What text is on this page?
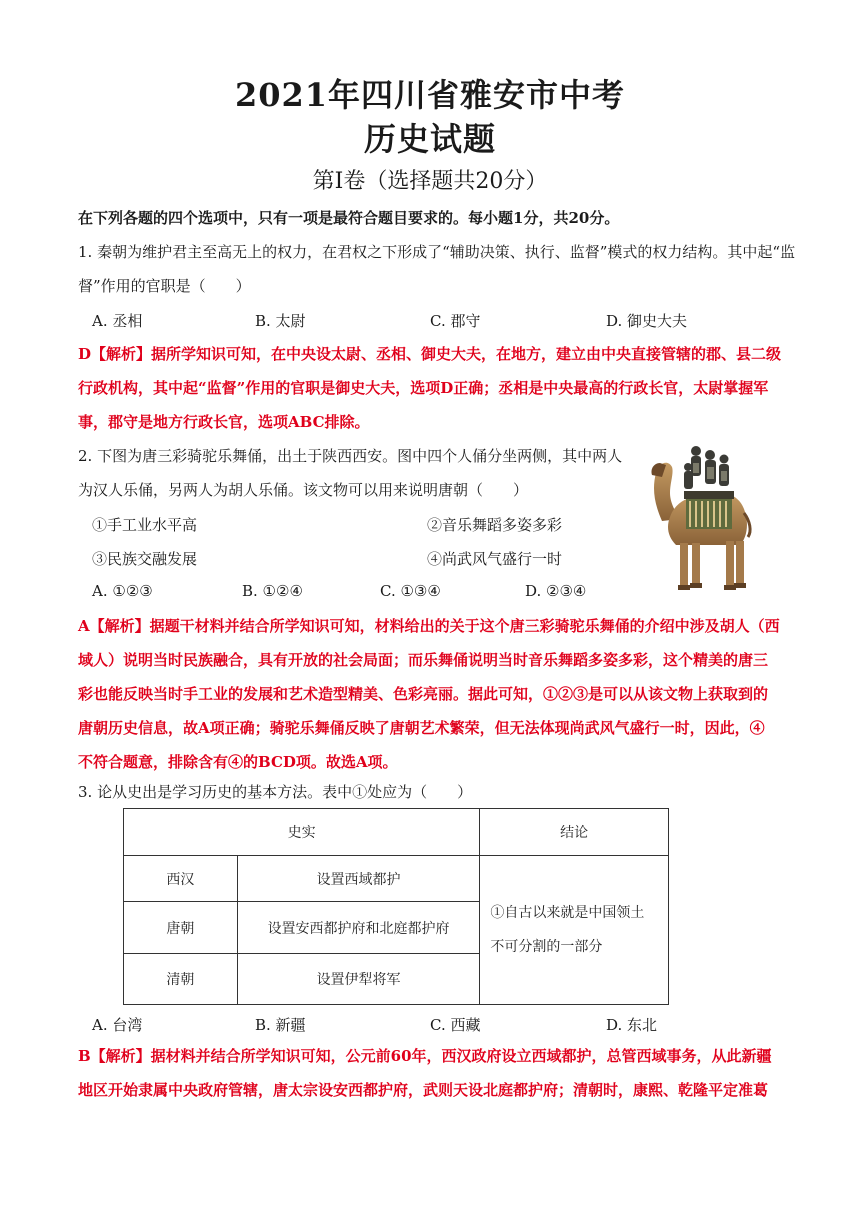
2021年四川省雅安市中考
历史试题
第Ⅰ卷（选择题共20分）
在下列各题的四个选项中，只有一项是最符合题目要求的。每小题1分，共20分。
1. 秦朝为维护君主至高无上的权力，在君权之下形成了“辅助决策、执行、监督”模式的权力结构。其中起“监
督”作用的官职是（　　）
A. 丞相	B. 太尉	C. 郡守	D. 御史大夫
D【解析】据所学知识可知，在中央设太尉、丞相、御史大夫，在地方，建立由中央直接管辖的郡、县二级
行政机构，其中起“监督”作用的官职是御史大夫，选项D正确；丞相是中央最高的行政长官，太尉掌握军
事，郡守是地方行政长官，选项ABC排除。
2. 下图为唐三彩骑驼乐舞俑，出土于陕西西安。图中四个人俑分坐两侧，其中两人
为汉人乐俑，另两人为胡人乐俑。该文物可以用来说明唐朝（　　）
①手工业水平高	②音乐舞蹈多姿多彩
③民族交融发展	④尚武风气盛行一时
A. ①②③	B. ①②④	C. ①③④	D. ②③④
A【解析】据题干材料并结合所学知识可知，材料给出的关于这个唐三彩骑驼乐舞俑的介绍中涉及胡人（西
域人）说明当时民族融合，具有开放的社会局面；而乐舞俑说明当时音乐舞蹈多姿多彩，这个精美的唐三
彩也能反映当时手工业的发展和艺术造型精美、色彩亮丽。据此可知，①②③是可以从该文物上获取到的
唐朝历史信息，故A项正确；骑驼乐舞俑反映了唐朝艺术繁荣，但无法体现尚武风气盛行一时，因此，④
不符合题意，排除含有④的BCD项。故选A项。
3. 论从史出是学习历史的基本方法。表中①处应为（　　）
史实		结论
西汉	设置西域都护	①自古以来就是中国领土
不可分割的一部分

唐朝	设置安西都护府和北庭都护府	
清朝	设置伊犁将军	
A. 台湾	B. 新疆	C. 西藏	D. 东北
B【解析】据材料并结合所学知识可知，公元前60年，西汉政府设立西域都护，总管西域事务，从此新疆
地区开始隶属中央政府管辖，唐太宗设安西都护府，武则天设北庭都护府；清朝时，康熙、乾隆平定准葛
